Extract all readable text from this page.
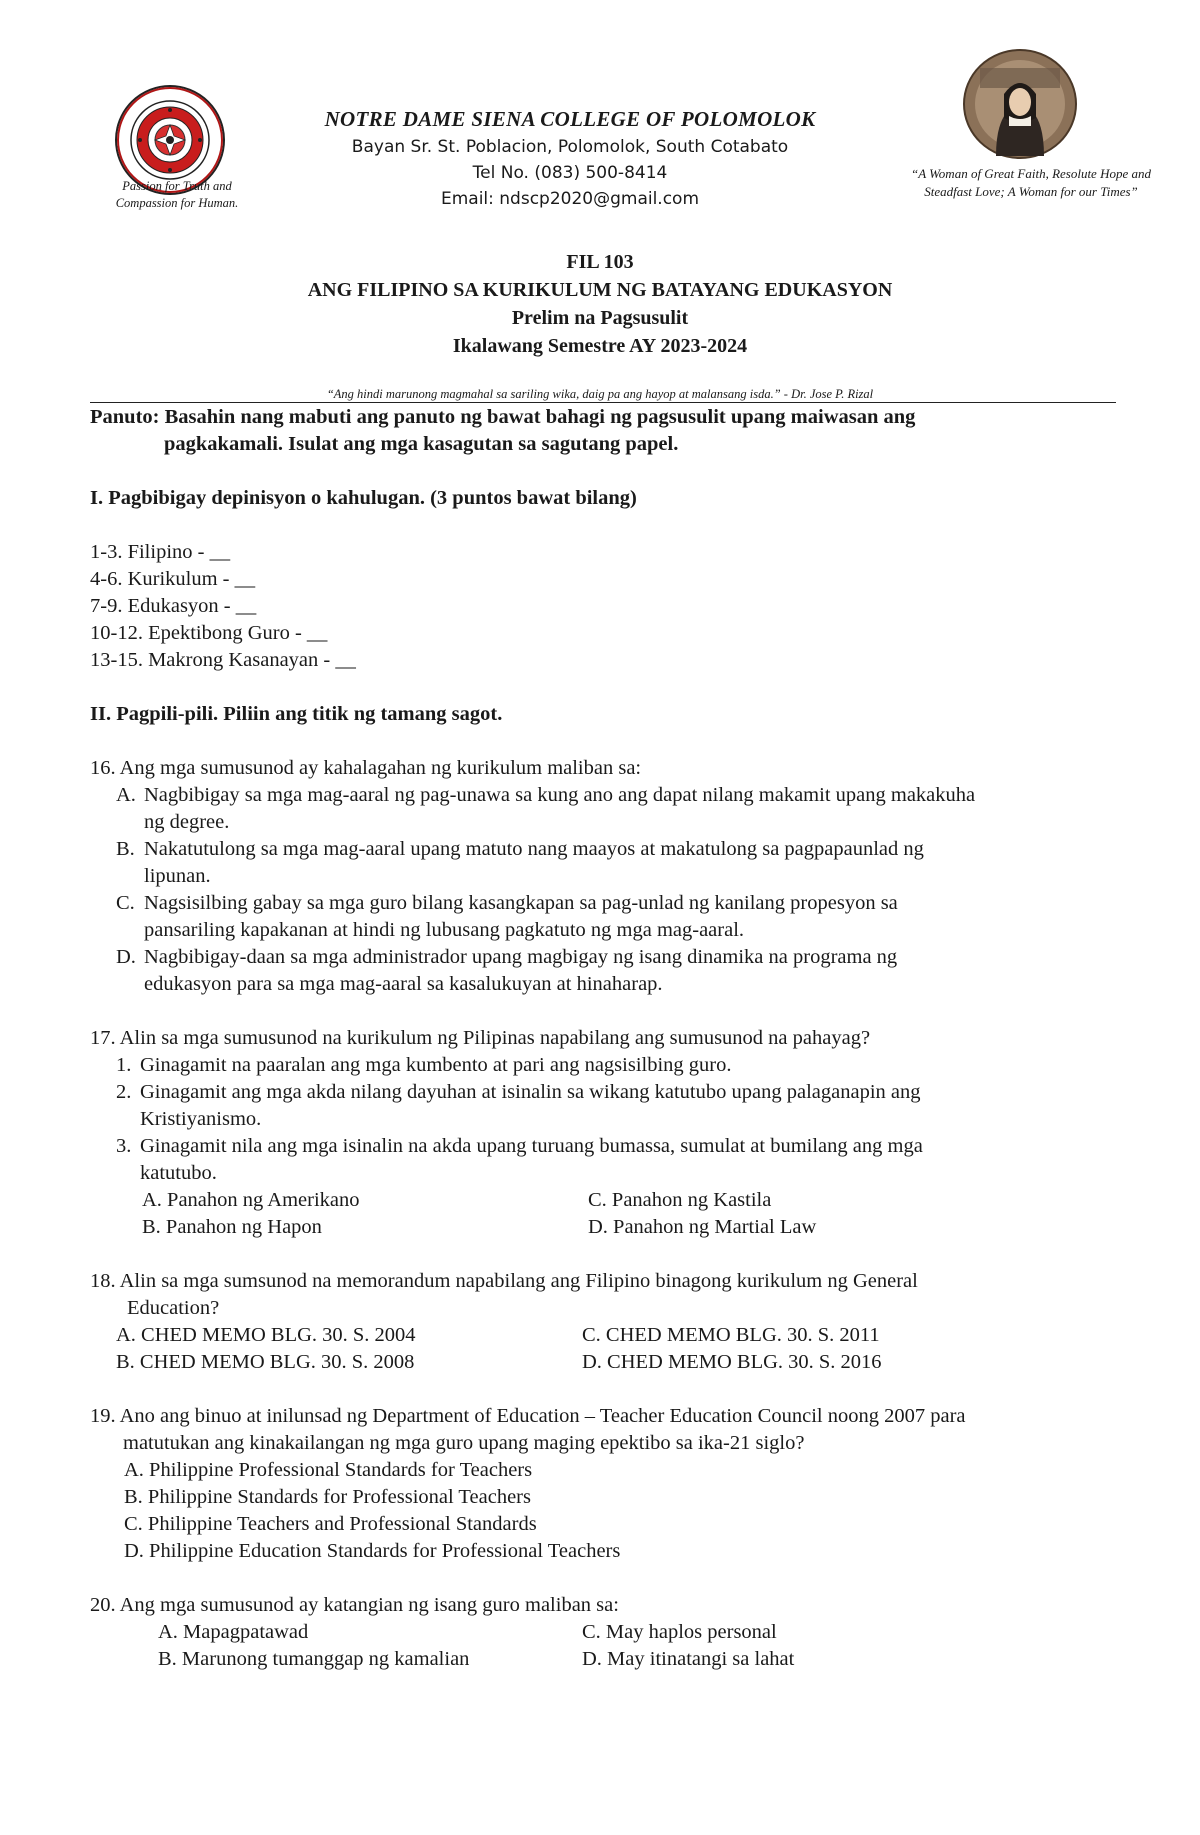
Passion for Truth and
Compassion for Human.
“A Woman of Great Faith, Resolute Hope and
Steadfast Love; A Woman for our Times”
NOTRE DAME SIENA COLLEGE OF POLOMOLOK
Bayan Sr. St. Poblacion, Polomolok, South Cotabato
Tel No. (083) 500-8414
Email: ndscp2020@gmail.com
FIL 103
ANG FILIPINO SA KURIKULUM NG BATAYANG EDUKASYON
Prelim na Pagsusulit
Ikalawang Semestre AY 2023-2024
“Ang hindi marunong magmahal sa sariling wika, daig pa ang hayop at malansang isda.” - Dr. Jose P. Rizal

Panuto: Basahin nang mabuti ang panuto ng bawat bahagi ng pagsusulit upang maiwasan ang

pagkakamali. Isulat ang mga kasagutan sa sagutang papel.

I. Pagbibigay depinisyon o kahulugan. (3 puntos bawat bilang)

1-3. Filipino - __

4-6. Kurikulum - __

7-9. Edukasyon - __

10-12. Epektibong Guro - __

13-15. Makrong Kasanayan - __

II. Pagpili-pili. Piliin ang titik ng tamang sagot.

16. Ang mga sumusunod ay kahalagahan ng kurikulum maliban sa:

A. Nagbibigay sa mga mag-aaral ng pag-unawa sa kung ano ang dapat nilang makamit upang makakuha
ng degree.
B. Nakatutulong sa mga mag-aaral upang matuto nang maayos at makatulong sa pagpapaunlad ng
lipunan.
C. Nagsisilbing gabay sa mga guro bilang kasangkapan sa pag-unlad ng kanilang propesyon sa
pansariling kapakanan at hindi ng lubusang pagkatuto ng mga mag-aaral.
D. Nagbibigay-daan sa mga administrador upang magbigay ng isang dinamika na programa ng
edukasyon para sa mga mag-aaral sa kasalukuyan at hinaharap.

17. Alin sa mga sumusunod na kurikulum ng Pilipinas napabilang ang sumusunod na pahayag?

1. Ginagamit na paaralan ang mga kumbento at pari ang nagsisilbing guro.
2. Ginagamit ang mga akda nilang dayuhan at isinalin sa wikang katutubo upang palaganapin ang
Kristiyanismo.
3. Ginagamit nila ang mga isinalin na akda upang turuang bumassa, sumulat at bumilang ang mga
katutubo.
A. Panahon ng Amerikano	C. Panahon ng Kastila
B. Panahon ng Hapon	D. Panahon ng Martial Law

18. Alin sa mga sumsunod na memorandum napabilang ang Filipino binagong kurikulum ng General

Education?

A. CHED MEMO BLG. 30. S. 2004	C. CHED MEMO BLG. 30. S. 2011
B. CHED MEMO BLG. 30. S. 2008	D. CHED MEMO BLG. 30. S. 2016

19. Ano ang binuo at inilunsad ng Department of Education – Teacher Education Council noong 2007 para

matutukan ang kinakailangan ng mga guro upang maging epektibo sa ika-21 siglo?

A. Philippine Professional Standards for Teachers
B. Philippine Standards for Professional Teachers
C. Philippine Teachers and Professional Standards
D. Philippine Education Standards for Professional Teachers

20. Ang mga sumusunod ay katangian ng isang guro maliban sa:

A. Mapagpatawad	C. May haplos personal
B. Marunong tumanggap ng kamalian	D. May itinatangi sa lahat
